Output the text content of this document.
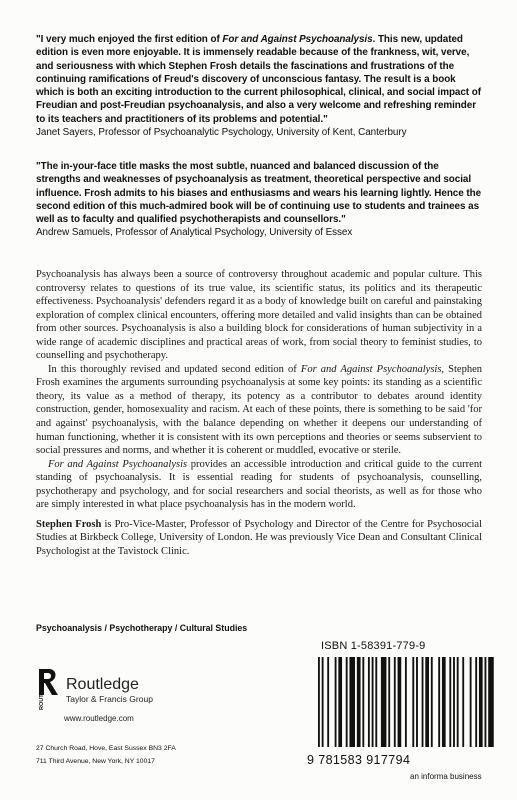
"I very much enjoyed the first edition of For and Against Psychoanalysis. This new, updated edition is even more enjoyable. It is immensely readable because of the frankness, wit, verve, and seriousness with which Stephen Frosh details the fascinations and frustrations of the continuing ramifications of Freud's discovery of unconscious fantasy. The result is a book which is both an exciting introduction to the current philosophical, clinical, and social impact of Freudian and post-Freudian psychoanalysis, and also a very welcome and refreshing reminder to its teachers and practitioners of its problems and potential."

Janet Sayers, Professor of Psychoanalytic Psychology, University of Kent, Canterbury

"The in-your-face title masks the most subtle, nuanced and balanced discussion of the strengths and weaknesses of psychoanalysis as treatment, theoretical perspective and social influence. Frosh admits to his biases and enthusiasms and wears his learning lightly. Hence the second edition of this much-admired book will be of continuing use to students and trainees as well as to faculty and qualified psychotherapists and counsellors."

Andrew Samuels, Professor of Analytical Psychology, University of Essex

Psychoanalysis has always been a source of controversy throughout academic and popular culture. This controversy relates to questions of its true value, its scientific status, its politics and its therapeutic effectiveness. Psychoanalysis' defenders regard it as a body of knowledge built on careful and painstaking exploration of complex clinical encounters, offering more detailed and valid insights than can be obtained from other sources. Psychoanalysis is also a building block for considerations of human subjectivity in a wide range of academic disciplines and practical areas of work, from social theory to feminist studies, to counselling and psychotherapy.

In this thoroughly revised and updated second edition of For and Against Psychoanalysis, Stephen Frosh examines the arguments surrounding psychoanalysis at some key points: its standing as a scientific theory, its value as a method of therapy, its potency as a contributor to debates around identity construction, gender, homosexuality and racism. At each of these points, there is something to be said 'for and against' psychoanalysis, with the balance depending on whether it deepens our understanding of human functioning, whether it is consistent with its own perceptions and theories or seems subservient to social pressures and norms, and whether it is coherent or muddled, evocative or sterile.

For and Against Psychoanalysis provides an accessible introduction and critical guide to the current standing of psychoanalysis. It is essential reading for students of psychoanalysis, counselling, psychotherapy and psychology, and for social researchers and social theorists, as well as for those who are simply interested in what place psychoanalysis has in the modern world.

Stephen Frosh is Pro-Vice-Master, Professor of Psychology and Director of the Centre for Psychosocial Studies at Birkbeck College, University of London. He was previously Vice Dean and Consultant Clinical Psychologist at the Tavistock Clinic.

Psychoanalysis / Psychotherapy / Cultural Studies
ISBN 1-58391-779-9
ROUTLEDGE Routledge
Taylor & Francis Group
www.routledge.com
27 Church Road, Hove, East Sussex BN3 2FA
711 Third Avenue, New York, NY 10017	9 781583 917794
an informa business
